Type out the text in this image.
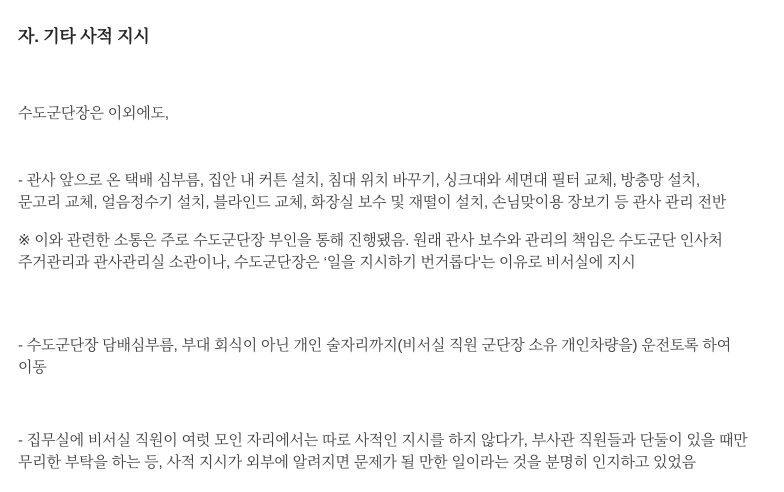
자. 기타 사적 지시

수도군단장은 이외에도,

- 관사 앞으로 온 택배 심부름, 집안 내 커튼 설치, 침대 위치 바꾸기, 싱크대와 세면대 필터 교체, 방충망 설치,
문고리 교체, 얼음정수기 설치, 블라인드 교체, 화장실 보수 및 재떨이 설치, 손님맞이용 장보기 등 관사 관리 전반

※ 이와 관련한 소통은 주로 수도군단장 부인을 통해 진행됐음. 원래 관사 보수와 관리의 책임은 수도군단 인사처
주거관리과 관사관리실 소관이나, 수도군단장은 ‘일을 지시하기 번거롭다’는 이유로 비서실에 지시

- 수도군단장 담배심부름, 부대 회식이 아닌 개인 술자리까지(비서실 직원 군단장 소유 개인차량을) 운전토록 하여
이동

- 집무실에 비서실 직원이 여럿 모인 자리에서는 따로 사적인 지시를 하지 않다가, 부사관 직원들과 단둘이 있을 때만
무리한 부탁을 하는 등, 사적 지시가 외부에 알려지면 문제가 될 만한 일이라는 것을 분명히 인지하고 있었음
